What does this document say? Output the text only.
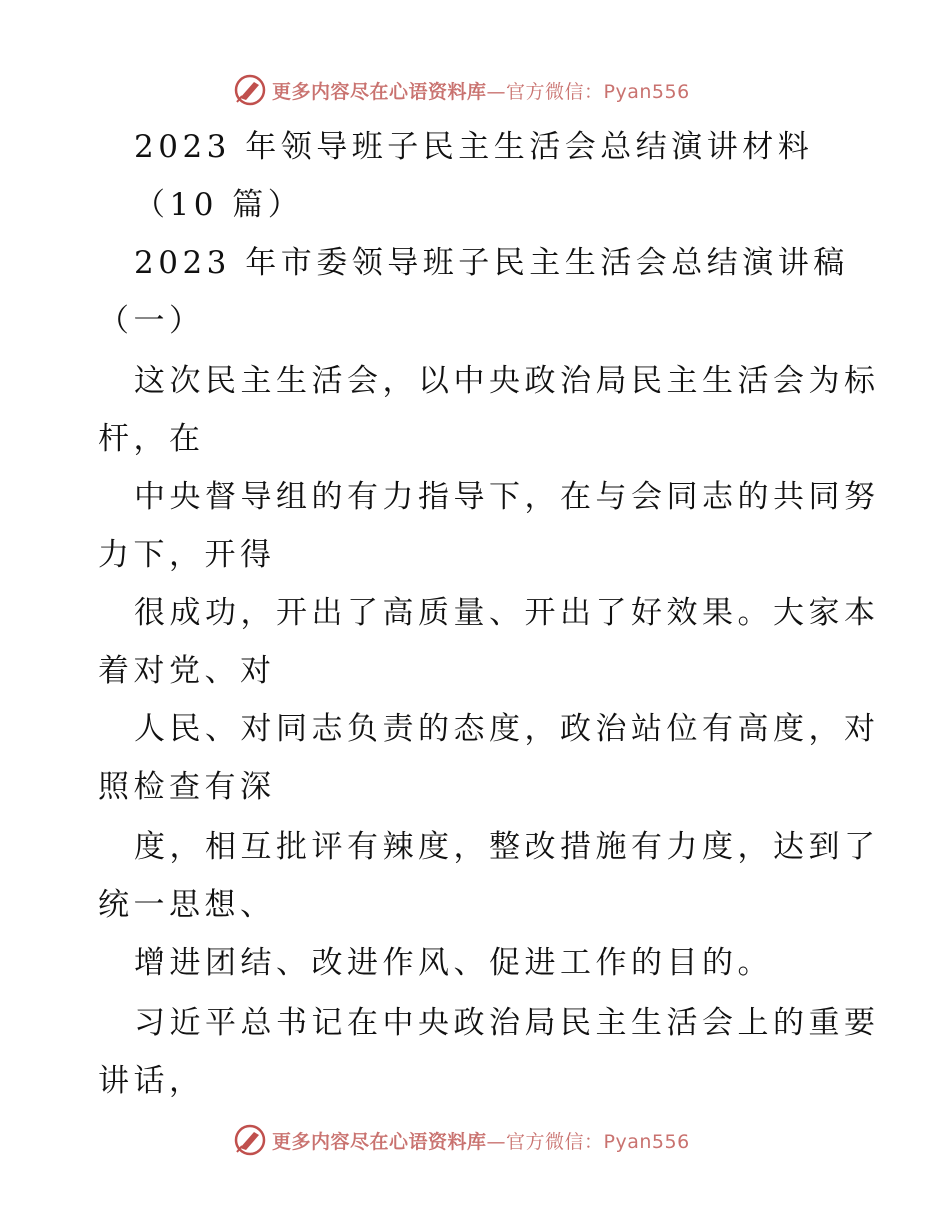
更多内容尽在心语资料库—官方微信：Pyan556
2023 年领导班子民主生活会总结演讲材料
（10 篇）
2023 年市委领导班子民主生活会总结演讲稿
（一）
这次民主生活会，以中央政治局民主生活会为标
杆，在
中央督导组的有力指导下，在与会同志的共同努
力下，开得
很成功，开出了高质量、开出了好效果。大家本
着对党、对
人民、对同志负责的态度，政治站位有高度，对
照检查有深
度，相互批评有辣度，整改措施有力度，达到了
统一思想、
增进团结、改进作风、促进工作的目的。
习近平总书记在中央政治局民主生活会上的重要
讲话，
更多内容尽在心语资料库—官方微信：Pyan556
